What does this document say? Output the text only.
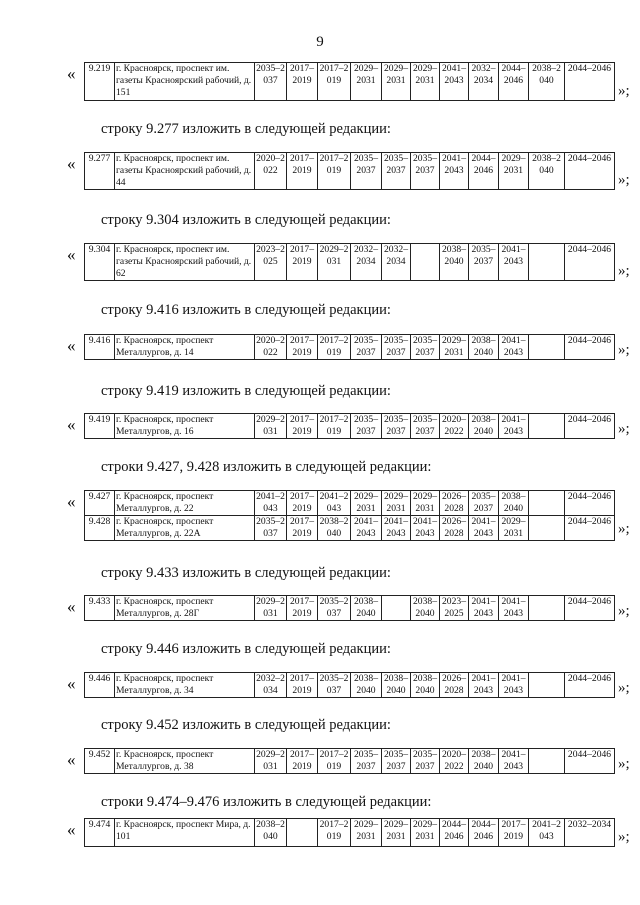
9
« 9.219	г. Красноярск, проспект им. газеты Красноярский рабочий, д. 151	2035–2037	2017–2019	2017–2019	2029–2031	2029–2031	2029–2031	2041–2043	2032–2034	2044–2046	2038–2040	2044–2046
»;
строку 9.277 изложить в следующей редакции:
« 9.277	г. Красноярск, проспект им. газеты Красноярский рабочий, д. 44	2020–2022	2017–2019	2017–2019	2035–2037	2035–2037	2035–2037	2041–2043	2044–2046	2029–2031	2038–2040	2044–2046
»;
строку 9.304 изложить в следующей редакции:
« 9.304	г. Красноярск, проспект им. газеты Красноярский рабочий, д. 62	2023–2025	2017–2019	2029–2031	2032–2034	2032–2034		2038–2040	2035–2037	2041–2043		2044–2046
»;
строку 9.416 изложить в следующей редакции:
« 9.416	г. Красноярск, проспект Металлургов, д. 14	2020–2022	2017–2019	2017–2019	2035–2037	2035–2037	2035–2037	2029–2031	2038–2040	2041–2043		2044–2046
»;
строку 9.419 изложить в следующей редакции:
« 9.419	г. Красноярск, проспект Металлургов, д. 16	2029–2031	2017–2019	2017–2019	2035–2037	2035–2037	2035–2037	2020–2022	2038–2040	2041–2043		2044–2046
»;
строки 9.427, 9.428 изложить в следующей редакции:
« 9.427	г. Красноярск, проспект Металлургов, д. 22	2041–2043	2017–2019	2041–2043	2029–2031	2029–2031	2029–2031	2026–2028	2035–2037	2038–2040		2044–2046
9.428	г. Красноярск, проспект Металлургов, д. 22А	2035–2037	2017–2019	2038–2040	2041–2043	2041–2043	2041–2043	2026–2028	2041–2043	2029–2031		2044–2046 »;
строку 9.433 изложить в следующей редакции:
« 9.433	г. Красноярск, проспект Металлургов, д. 28Г	2029–2031	2017–2019	2035–2037	2038–2040		2038–2040	2023–2025	2041–2043	2041–2043		2044–2046
»;
строку 9.446 изложить в следующей редакции:
« 9.446	г. Красноярск, проспект Металлургов, д. 34	2032–2034	2017–2019	2035–2037	2038–2040	2038–2040	2038–2040	2026–2028	2041–2043	2041–2043		2044–2046
»;
строку 9.452 изложить в следующей редакции:
« 9.452	г. Красноярск, проспект Металлургов, д. 38	2029–2031	2017–2019	2017–2019	2035–2037	2035–2037	2035–2037	2020–2022	2038–2040	2041–2043		2044–2046
»;
строки 9.474–9.476 изложить в следующей редакции:
« 9.474	г. Красноярск, проспект Мира, д. 101	2038–2040		2017–2019	2029–2031	2029–2031	2029–2031	2044–2046	2044–2046	2017–2019	2041–2043	2032–2034
»;
